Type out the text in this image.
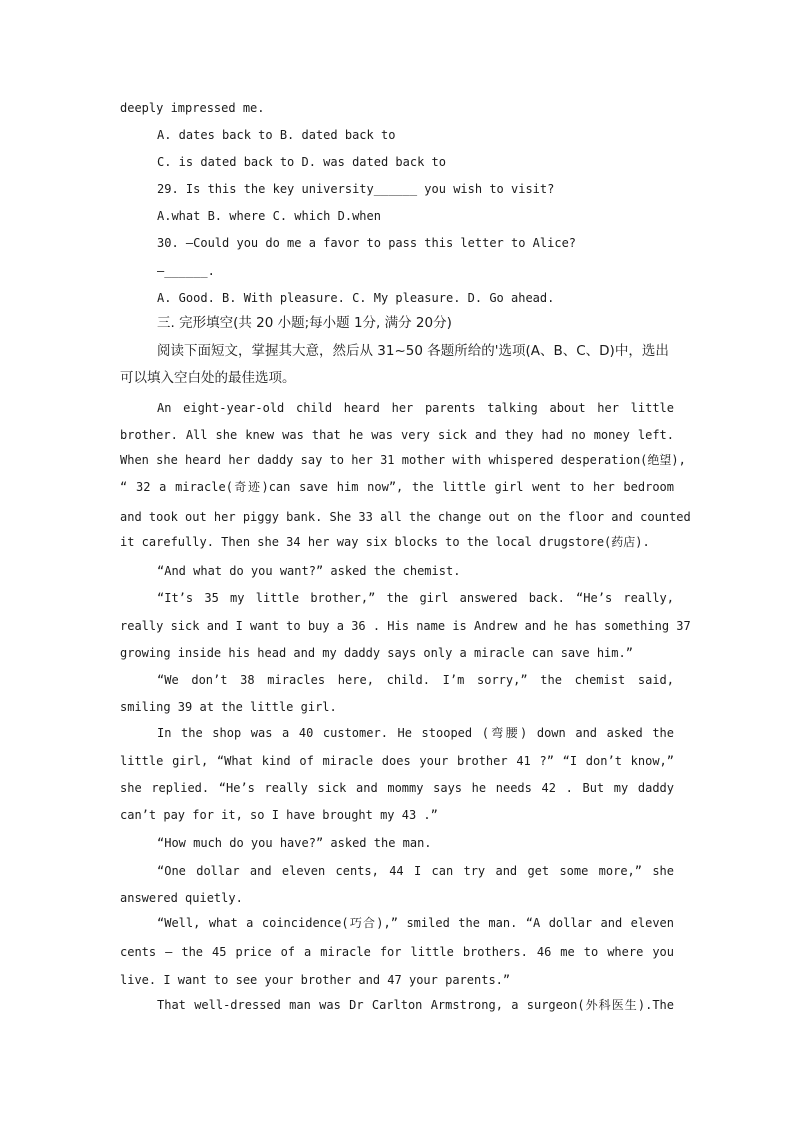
deeply impressed me.
A. dates back to B. dated back to
C. is dated back to D. was dated back to
29. Is this the key university______ you wish to visit?
A.what B. where C. which D.when
30. —Could you do me a favor to pass this letter to Alice?
—______.
A. Good. B. With pleasure. C. My pleasure. D. Go ahead.
三. 完形填空(共 20 小题;每小题 1分, 满分 20分)
阅读下面短文，掌握其大意，然后从 31~50 各题所给的'选项(A、B、C、D)中，选出
可以填入空白处的最佳选项。
An eight-year-old child heard her parents talking about her little
brother. All she knew was that he was very sick and they had no money left.
When she heard her daddy say to her 31 mother with whispered desperation(绝望),
“ 32 a miracle(奇迹)can save him now”, the little girl went to her bedroom
and took out her piggy bank. She 33 all the change out on the floor and counted
it carefully. Then she 34 her way six blocks to the local drugstore(药店).
“And what do you want?” asked the chemist.
“It’s 35 my little brother,” the girl answered back. “He’s really,
really sick and I want to buy a 36 . His name is Andrew and he has something 37
growing inside his head and my daddy says only a miracle can save him.”
“We don’t 38 miracles here, child. I’m sorry,” the chemist said,
smiling 39 at the little girl.
In the shop was a 40 customer. He stooped (弯腰) down and asked the
little girl, “What kind of miracle does your brother 41 ?” “I don’t know,”
she replied. “He’s really sick and mommy says he needs 42 . But my daddy
can’t pay for it, so I have brought my 43 .”
“How much do you have?” asked the man.
“One dollar and eleven cents, 44 I can try and get some more,” she
answered quietly.
“Well, what a coincidence(巧合),” smiled the man. “A dollar and eleven
cents — the 45 price of a miracle for little brothers. 46 me to where you
live. I want to see your brother and 47 your parents.”
That well-dressed man was Dr Carlton Armstrong, a surgeon(外科医生).The
